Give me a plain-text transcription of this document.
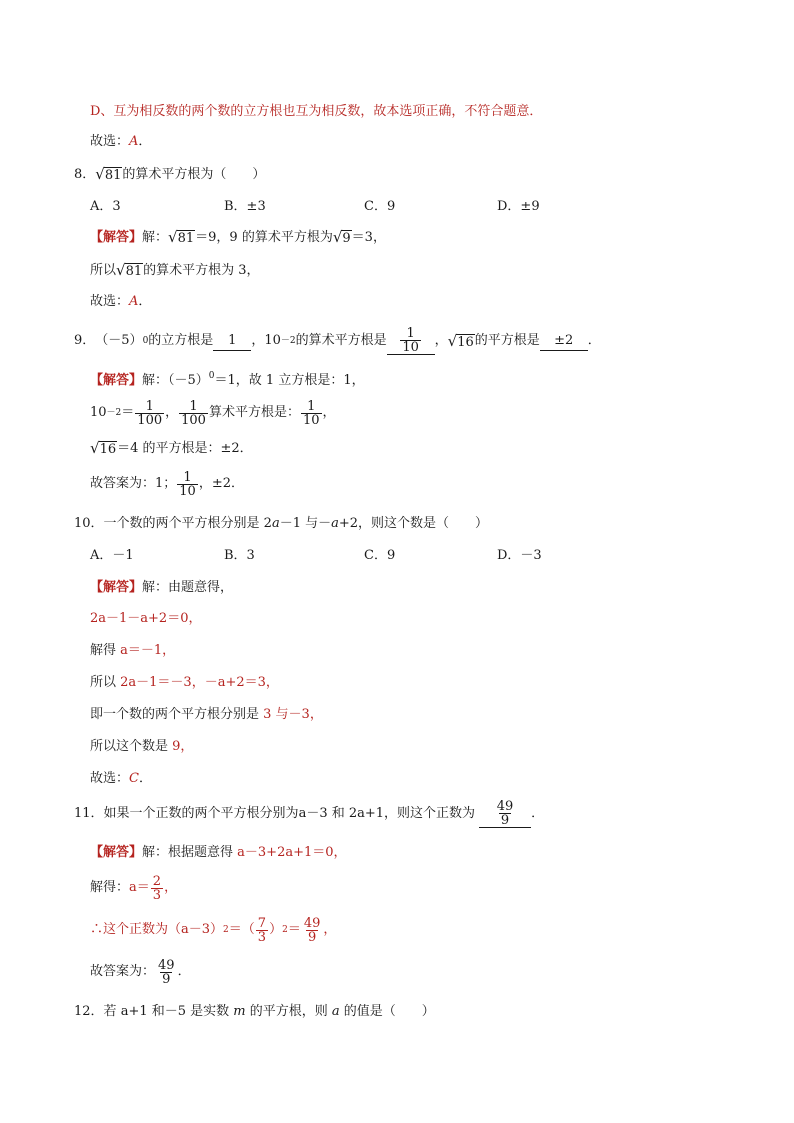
D、互为相反数的两个数的立方根也互为相反数，故本选项正确，不符合题意．
故选：A．
8． √ 81 的算术平方根为（　　）
A．3	B．±3	C．9	D．±9
【解答】解： √ 81 ＝9，9 的算术平方根为 √ 9 ＝3，
所以 √ 81 的算术平方根为 3，
故选：A．
9． （－5） 0 的立方根是	1	，10 －2 的算术平方根是 $\frac{1}{10}$ ， √ 16 的平方根是	±2	．
【解答】解：$(-5)^0=1$，故 1 立方根是：1，
$10 -2 = \frac{1}{100}$ ， $\frac{1}{100}$ 算术平方根是： $\frac{1}{10}$ ，
√ 16 ＝4 的平方根是：±2．
故答案为：1； $\frac{1}{10}$ ，±2．
10．一个数的两个平方根分别是 2a－1 与－a+2，则这个数是（　　）
A．－1	B．3	C．9	D．－3
【解答】解：由题意得，
2a－1－a+2＝0，
解得 a＝－1，
所以 2a－1＝－3，－a+2＝3，
即一个数的两个平方根分别是 3 与－3，
所以这个数是 9，
故选：C．
11． 如果一个正数的两个平方根分别为 a－3 和 2a+1 ，则这个正数为 $\frac{49}{9}$ ．
【解答】解：根据题意得 a－3+2a+1＝0，
解得： $a= \frac{2}{3}$ ，
∴这个正数为（a－3） 2 ＝（ $\frac{7}{3}$ ） $2 = \frac{49}{9}$ ，
故答案为： $\frac{49}{9}$ ．
12．若 a+1 和－5 是实数 m 的平方根，则 a 的值是（　　）
